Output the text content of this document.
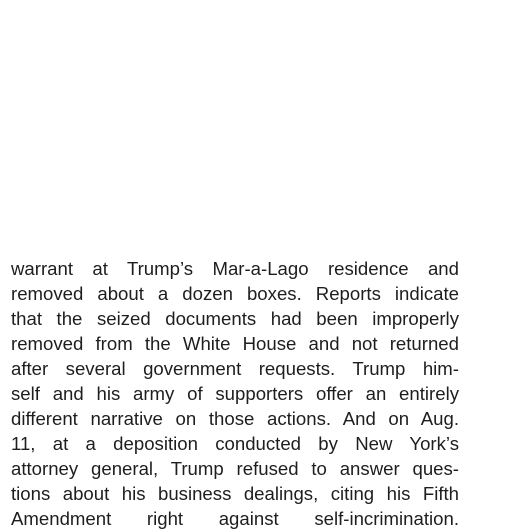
warrant at Trump’s Mar-a-Lago residence and
removed about a dozen boxes. Reports indicate
that the seized documents had been improperly
removed from the White House and not returned
after several government requests. Trump him-
self and his army of supporters offer an entirely
different narrative on those actions. And on Aug.
11, at a deposition conducted by New York’s
attorney general, Trump refused to answer ques-
tions about his business dealings, citing his Fifth
Amendment right against self-incrimination.
